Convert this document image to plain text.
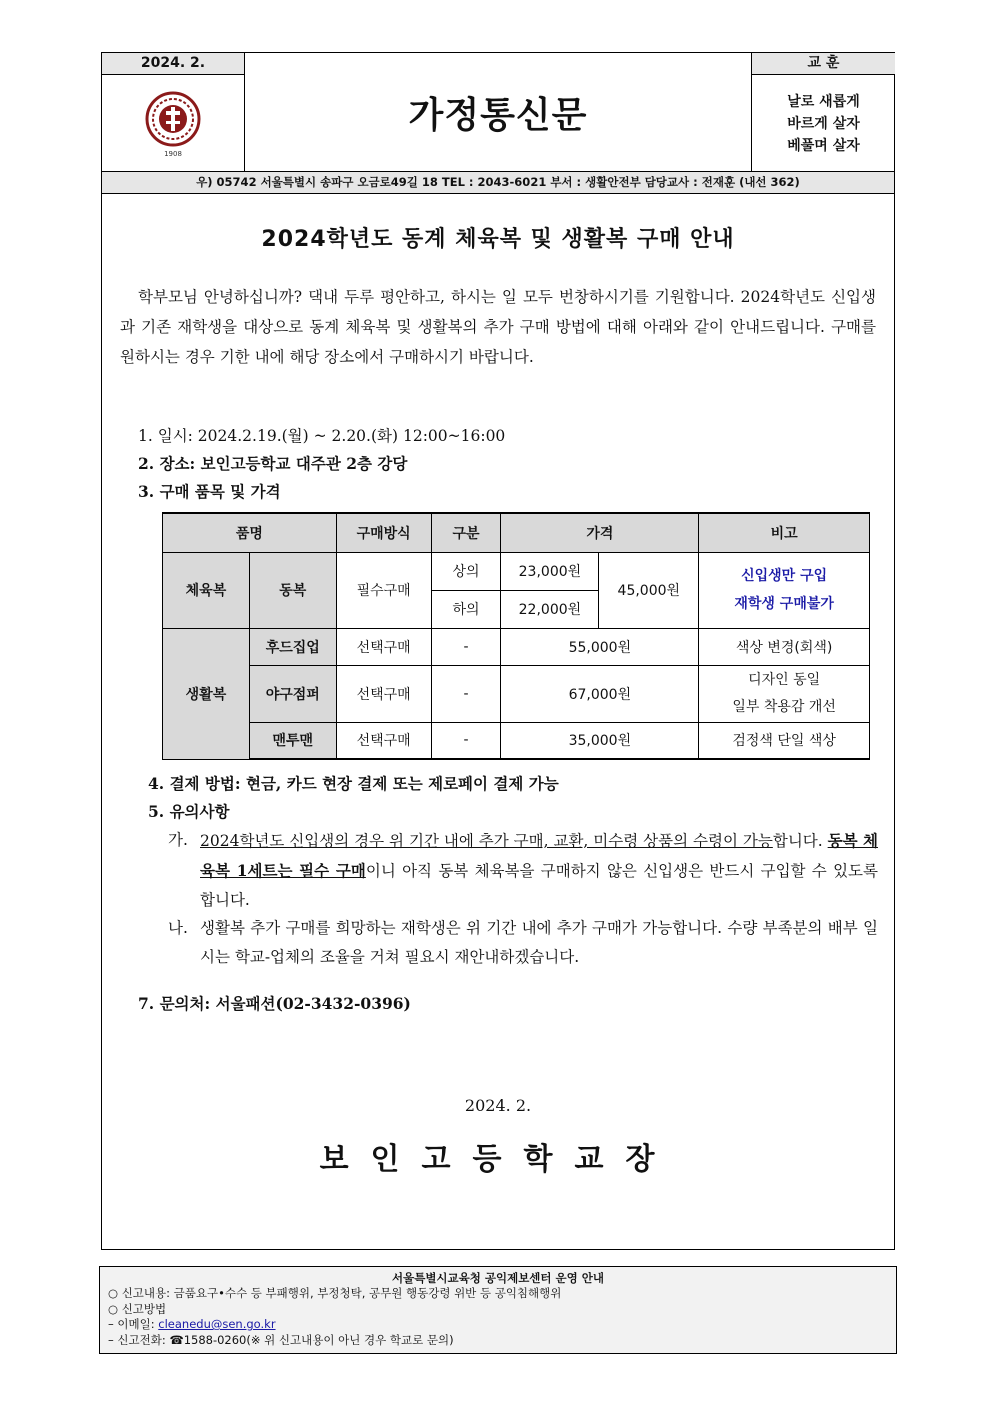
2024. 2.
1908
가정통신문
교 훈
날로 새롭게
바르게 살자
베풀며 살자
우) 05742 서울특별시 송파구 오금로49길 18 TEL : 2043-6021 부서 : 생활안전부 담당교사 : 전재훈 (내선 362)
2024학년도 동계 체육복 및 생활복 구매 안내
학부모님 안녕하십니까? 댁내 두루 평안하고, 하시는 일 모두 번창하시기를 기원합니다. 2024학년도 신입생과 기존 재학생을 대상으로 동계 체육복 및 생활복의 추가 구매 방법에 대해 아래와 같이 안내드립니다. 구매를 원하시는 경우 기한 내에 해당 장소에서 구매하시기 바랍니다.
1. 일시: 2024.2.19.(월) ~ 2.20.(화) 12:00~16:00
2. 장소: 보인고등학교 대주관 2층 강당
3. 구매 품목 및 가격
품명		구매방식	구분	가격		비고
체육복	동복	필수구매	상의	23,000원	45,000원	신입생만 구입
재학생 구매불가

			하의	22,000원		
생활복	후드집업	선택구매	-	55,000원		색상 변경(회색)
	야구점퍼	선택구매	-	67,000원		디자인 동일
일부 착용감 개선

	맨투맨	선택구매	-	35,000원		검정색 단일 색상
4. 결제 방법: 현금, 카드 현장 결제 또는 제로페이 결제 가능
5. 유의사항
가. 2024학년도 신입생의 경우 위 기간 내에 추가 구매, 교환, 미수령 상품의 수령이 가능합니다. 동복 체육복 1세트는 필수 구매이니 아직 동복 체육복을 구매하지 않은 신입생은 반드시 구입할 수 있도록 합니다.
나. 생활복 추가 구매를 희망하는 재학생은 위 기간 내에 추가 구매가 가능합니다. 수량 부족분의 배부 일시는 학교-업체의 조율을 거쳐 필요시 재안내하겠습니다.
7. 문의처: 서울패션(02-3432-0396)
2024. 2.
보인고등학교장
서울특별시교육청 공익제보센터 운영 안내
○ 신고내용: 금품요구•수수 등 부패행위, 부정청탁, 공무원 행동강령 위반 등 공익침해행위
○ 신고방법
– 이메일: cleanedu@sen.go.kr
– 신고전화: ☎1588-0260(※ 위 신고내용이 아닌 경우 학교로 문의)
